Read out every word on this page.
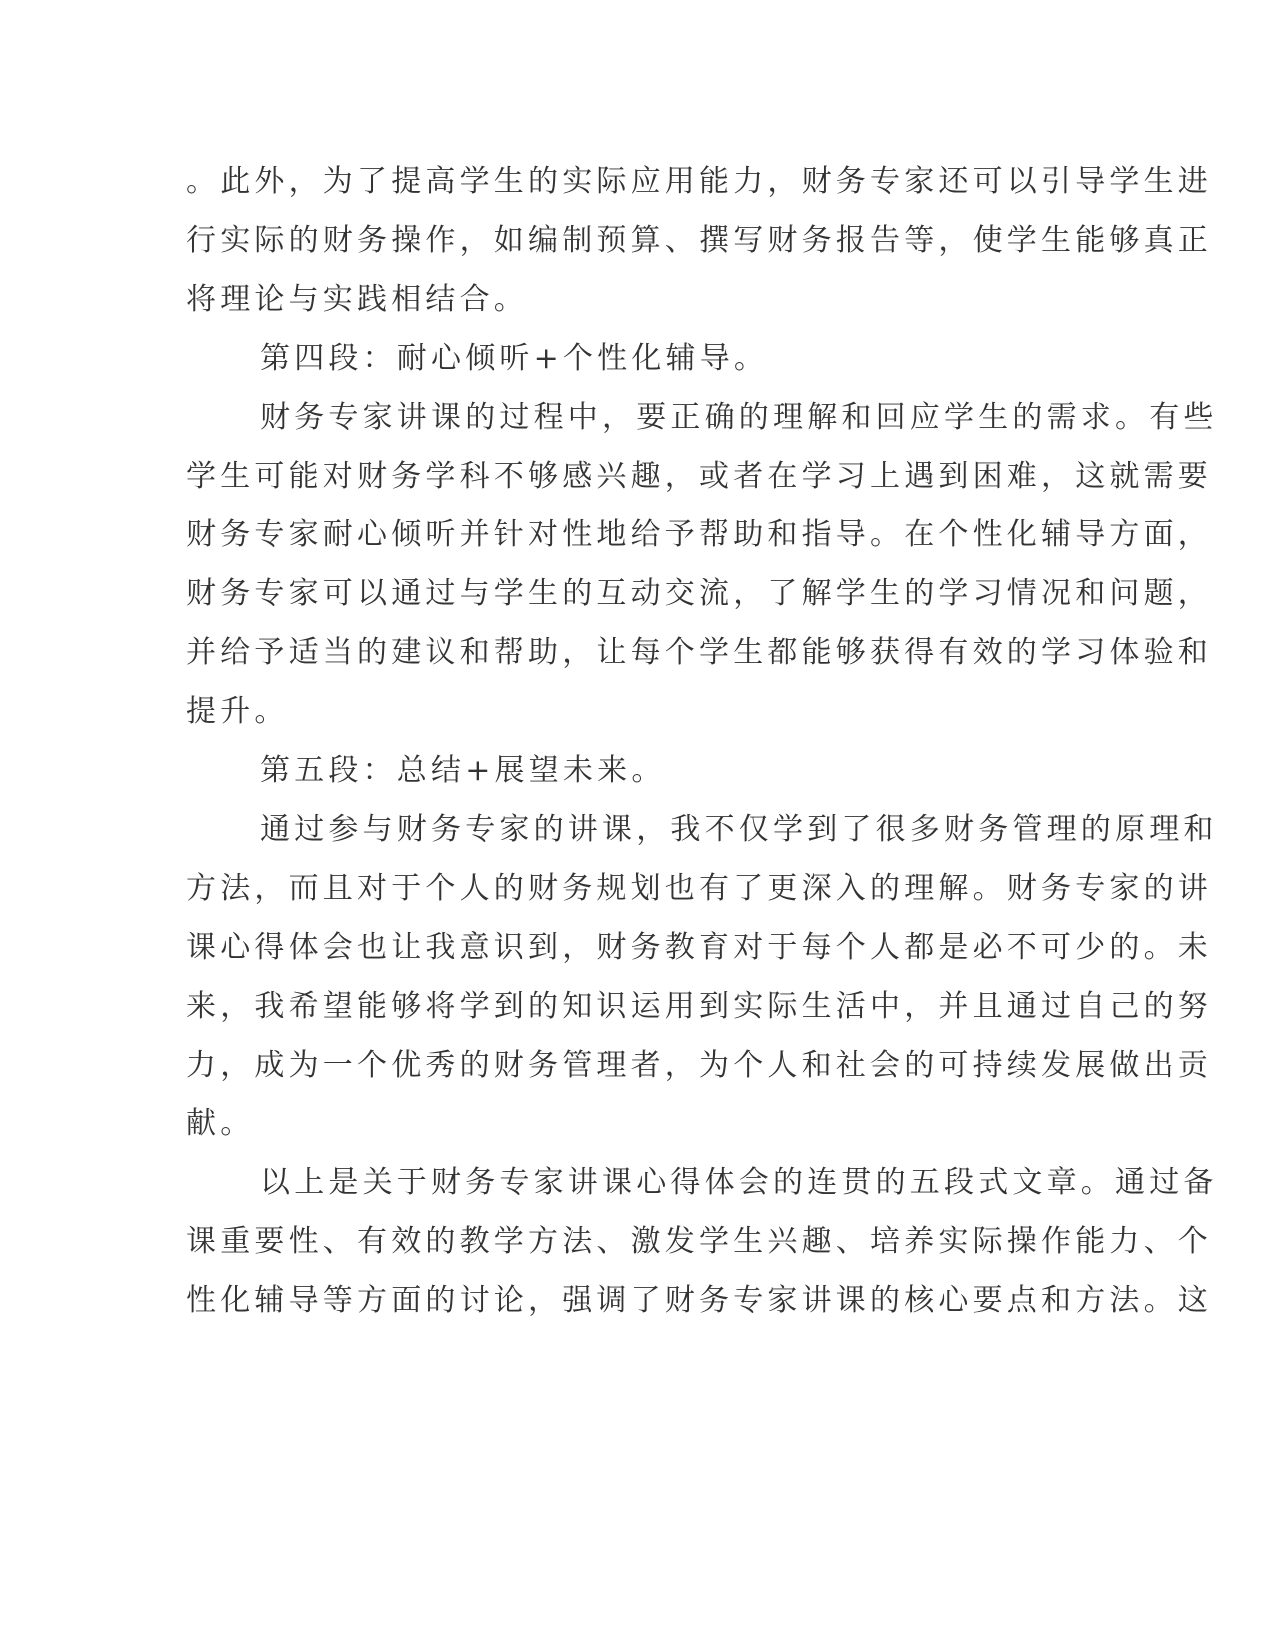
。此外，为了提高学生的实际应用能力，财务专家还可以引导学生进
行实际的财务操作，如编制预算、撰写财务报告等，使学生能够真正
将理论与实践相结合。
第四段：耐心倾听+个性化辅导。
财务专家讲课的过程中，要正确的理解和回应学生的需求。有些
学生可能对财务学科不够感兴趣，或者在学习上遇到困难，这就需要
财务专家耐心倾听并针对性地给予帮助和指导。在个性化辅导方面，
财务专家可以通过与学生的互动交流，了解学生的学习情况和问题，
并给予适当的建议和帮助，让每个学生都能够获得有效的学习体验和
提升。
第五段：总结+展望未来。
通过参与财务专家的讲课，我不仅学到了很多财务管理的原理和
方法，而且对于个人的财务规划也有了更深入的理解。财务专家的讲
课心得体会也让我意识到，财务教育对于每个人都是必不可少的。未
来，我希望能够将学到的知识运用到实际生活中，并且通过自己的努
力，成为一个优秀的财务管理者，为个人和社会的可持续发展做出贡
献。
以上是关于财务专家讲课心得体会的连贯的五段式文章。通过备
课重要性、有效的教学方法、激发学生兴趣、培养实际操作能力、个
性化辅导等方面的讨论，强调了财务专家讲课的核心要点和方法。这
